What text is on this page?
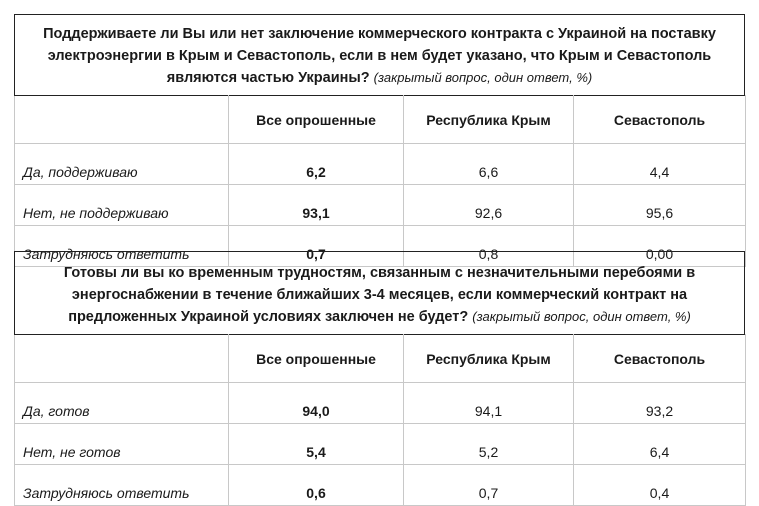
Поддерживаете ли Вы или нет заключение коммерческого контракта с Украиной на поставку электроэнергии в Крым и Севастополь, если в нем будет указано, что Крым и Севастополь являются частью Украины? (закрытый вопрос, один ответ, %)
	Все опрошенные	Республика Крым	Севастополь
Да, поддерживаю	6,2	6,6	4,4
Нет, не поддерживаю	93,1	92,6	95,6
Затрудняюсь ответить	0,7	0,8	0,00
Готовы ли вы ко временным трудностям, связанным с незначительными перебоями в энергоснабжении в течение ближайших 3-4 месяцев, если коммерческий контракт на предложенных Украиной условиях заключен не будет? (закрытый вопрос, один ответ, %)
	Все опрошенные	Республика Крым	Севастополь
Да, готов	94,0	94,1	93,2
Нет, не готов	5,4	5,2	6,4
Затрудняюсь ответить	0,6	0,7	0,4
